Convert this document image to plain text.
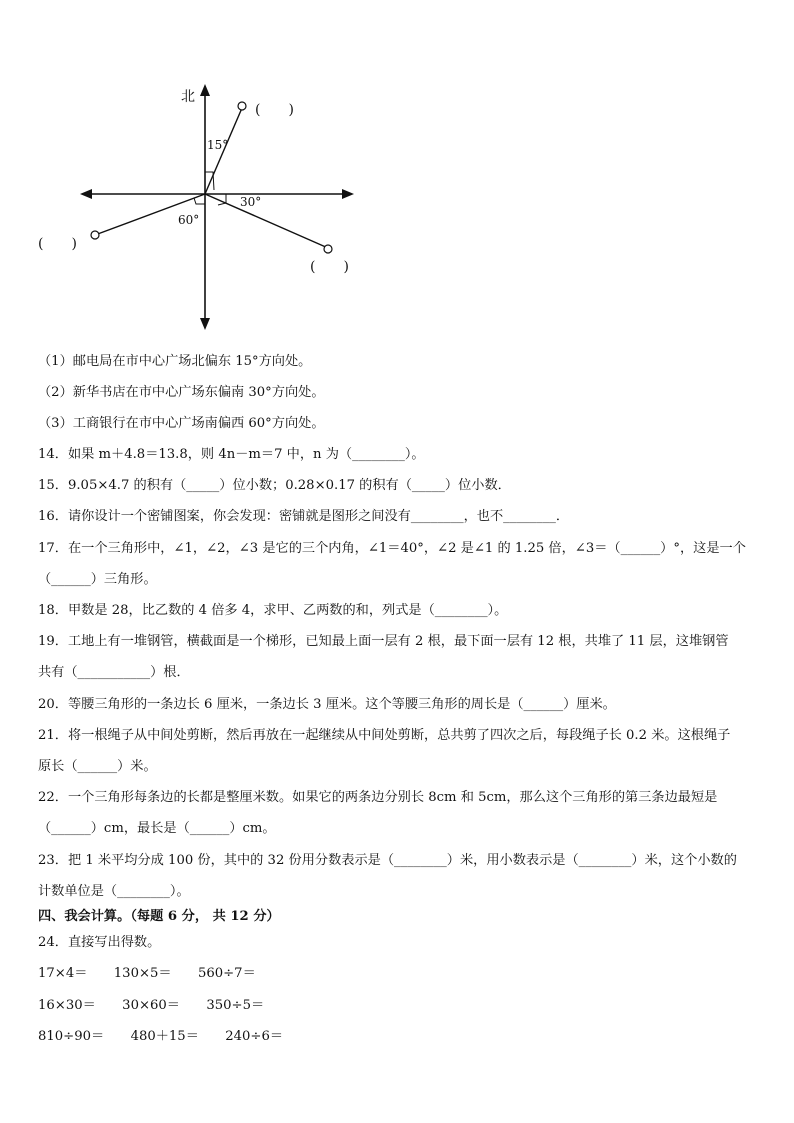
北
15°
30°
60°
(　　)
(　　)
(　　)
（1）邮电局在市中心广场北偏东 15°方向处。
（2）新华书店在市中心广场东偏南 30°方向处。
（3）工商银行在市中心广场南偏西 60°方向处。
14．如果 m＋4.8＝13.8，则 4n－m＝7 中，n 为（________）。
15．9.05×4.7 的积有（_____）位小数；0.28×0.17 的积有（_____）位小数．
16．请你设计一个密铺图案，你会发现：密铺就是图形之间没有________，也不________．
17．在一个三角形中，∠1，∠2，∠3 是它的三个内角，∠1＝40°，∠2 是∠1 的 1.25 倍，∠3＝（______）°，这是一个
（______）三角形。
18．甲数是 28，比乙数的 4 倍多 4，求甲、乙两数的和，列式是（________）。
19．工地上有一堆钢管，横截面是一个梯形，已知最上面一层有 2 根，最下面一层有 12 根，共堆了 11 层，这堆钢管
共有（___________）根．
20．等腰三角形的一条边长 6 厘米，一条边长 3 厘米。这个等腰三角形的周长是（______）厘米。
21．将一根绳子从中间处剪断，然后再放在一起继续从中间处剪断，总共剪了四次之后，每段绳子长 0.2 米。这根绳子
原长（______）米。
22．一个三角形每条边的长都是整厘米数。如果它的两条边分别长 8cm 和 5cm，那么这个三角形的第三条边最短是
（______）cm，最长是（______）cm。
23．把 1 米平均分成 100 份，其中的 32 份用分数表示是（________）米，用小数表示是（________）米，这个小数的
计数单位是（________）。
四、我会计算。（每题 6 分， 共 12 分）
24．直接写出得数。
17×4＝　　130×5＝　　560÷7＝
16×30＝　　30×60＝　　350÷5＝
810÷90＝　　480＋15＝　　240÷6＝
